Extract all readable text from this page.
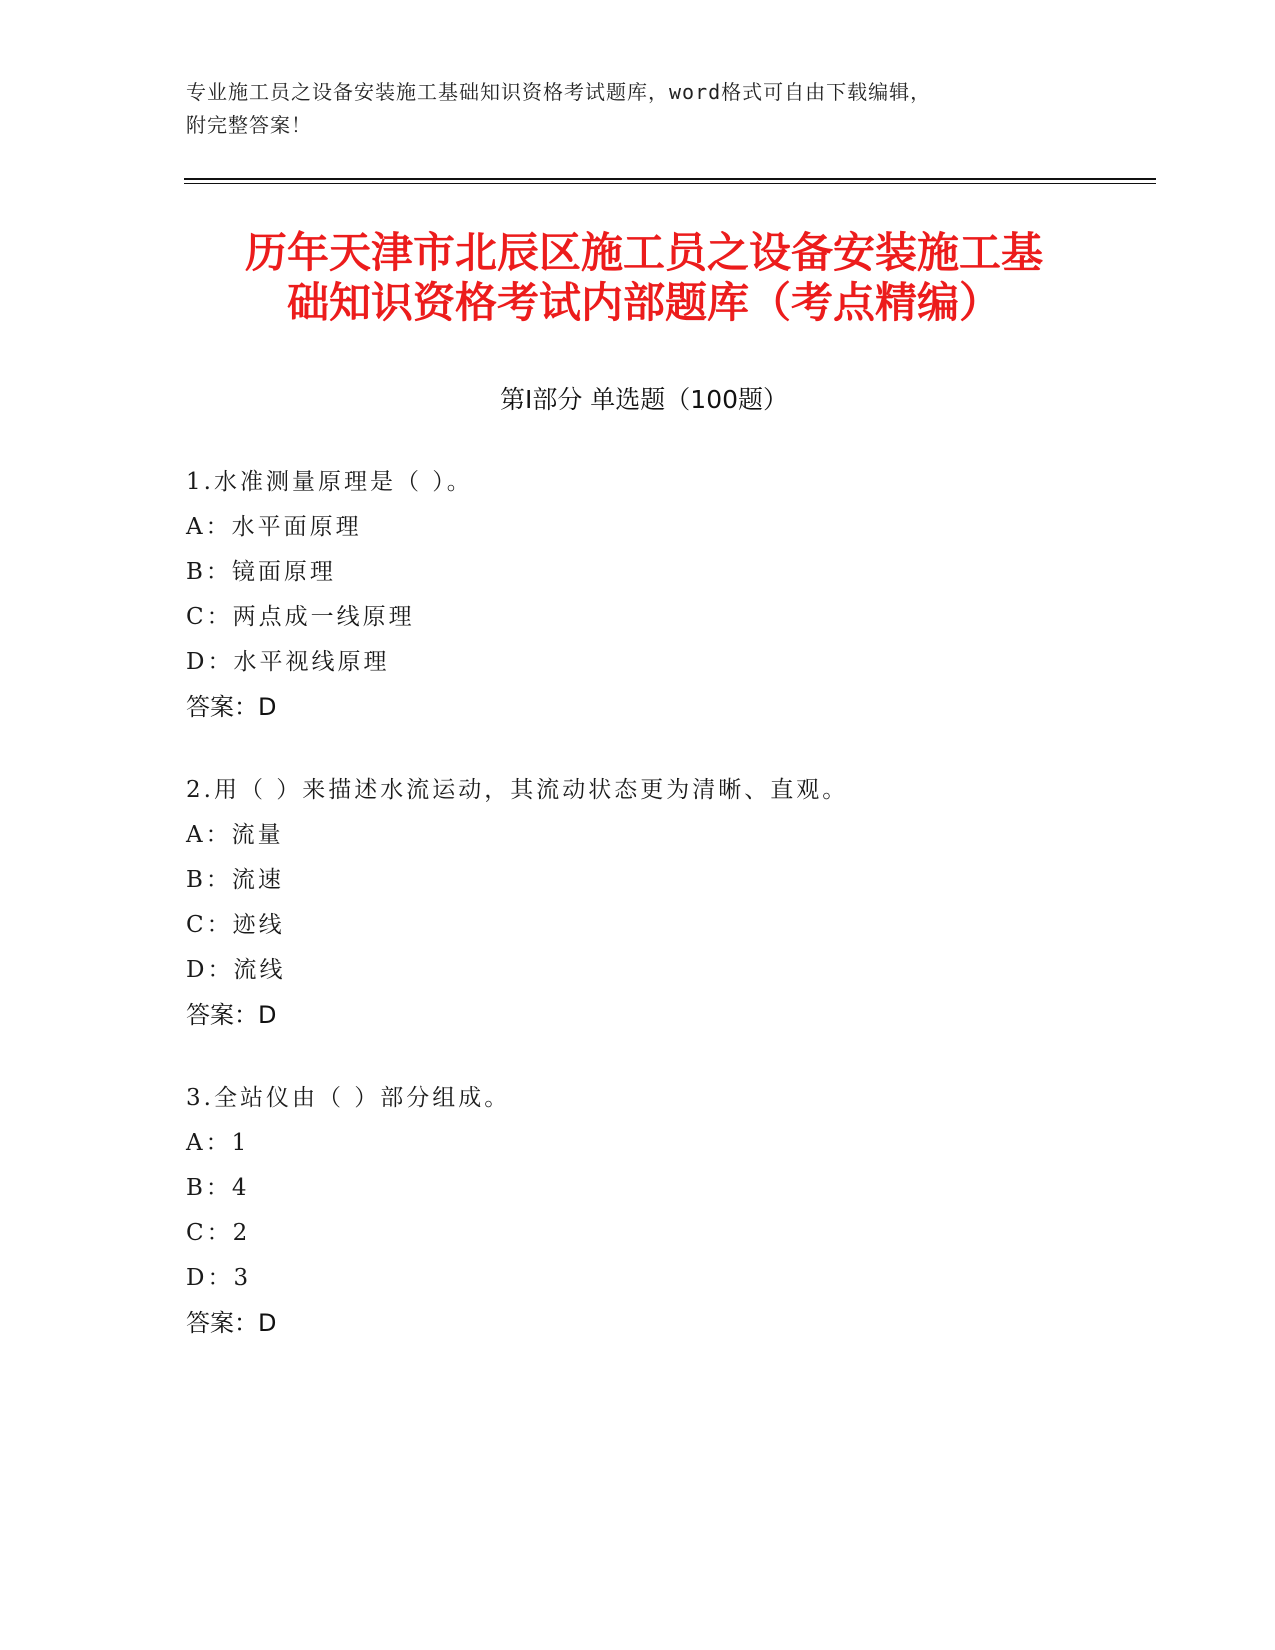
专业施工员之设备安装施工基础知识资格考试题库，word格式可自由下载编辑，
附完整答案！
历年天津市北辰区施工员之设备安装施工基
础知识资格考试内部题库（考点精编）
第Ⅰ部分 单选题（100题）
1.水准测量原理是（ ）。
A：水平面原理
B：镜面原理
C：两点成一线原理
D：水平视线原理
答案：D
2.用（ ）来描述水流运动，其流动状态更为清晰、直观。
A：流量
B：流速
C：迹线
D：流线
答案：D
3.全站仪由（ ）部分组成。
A：1
B：4
C：2
D：3
答案：D
